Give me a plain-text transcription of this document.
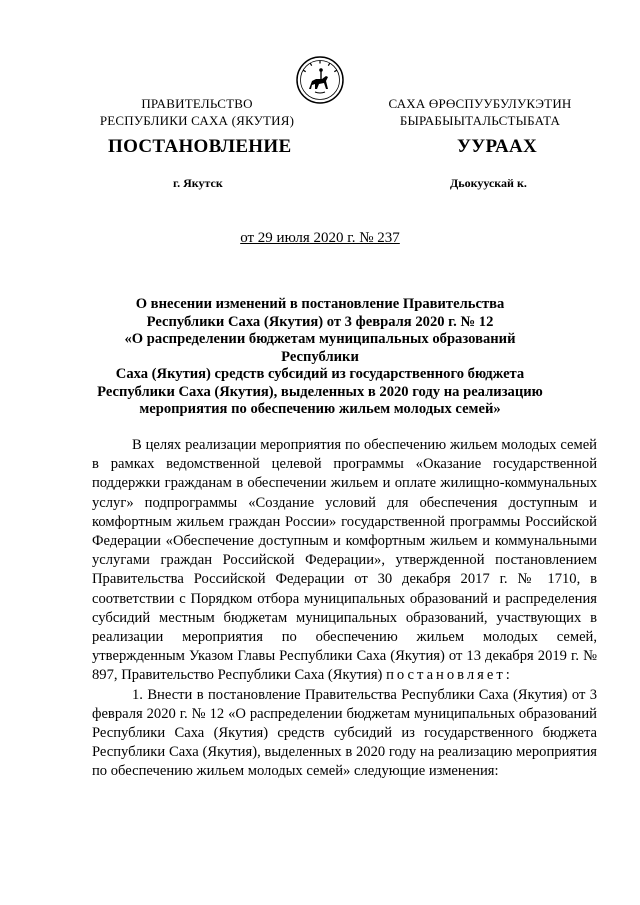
ПРАВИТЕЛЬСТВО
РЕСПУБЛИКИ САХА (ЯКУТИЯ)
САХА ӨРӨСПУУБУЛУКЭТИН
БЫРАБЫЫТАЛЬСТЫБАТА
ПОСТАНОВЛЕНИЕ	УУРААХ
г. Якутск	Дьокуускай к.
от 29 июля 2020 г. № 237
О внесении изменений в постановление Правительства
Республики Саха (Якутия) от 3 февраля 2020 г. № 12
«О распределении бюджетам муниципальных образований Республики
Саха (Якутия) средств субсидий из государственного бюджета
Республики Саха (Якутия), выделенных в 2020 году на реализацию
мероприятия по обеспечению жильем молодых семей»

В целях реализации мероприятия по обеспечению жильем молодых семей в рамках ведомственной целевой программы «Оказание государственной поддержки гражданам в обеспечении жильем и оплате жилищно-коммунальных услуг» подпрограммы «Создание условий для обеспечения доступным и комфортным жильем граждан России» государственной программы Российской Федерации «Обеспечение доступным и комфортным жильем и коммунальными услугами граждан Российской Федерации», утвержденной постановлением Правительства Российской Федерации от 30 декабря 2017 г. № 1710, в соответствии с Порядком отбора муниципальных образований и распределения субсидий местным бюджетам муниципальных образований, участвующих в реализации мероприятия по обеспечению жильем молодых семей, утвержденным Указом Главы Республики Саха (Якутия) от 13 декабря 2019 г. № 897, Правительство Республики Саха (Якутия) постановляет:

1. Внести в постановление Правительства Республики Саха (Якутия) от 3 февраля 2020 г. № 12 «О распределении бюджетам муниципальных образований Республики Саха (Якутия) средств субсидий из государственного бюджета Республики Саха (Якутия), выделенных в 2020 году на реализацию мероприятия по обеспечению жильем молодых семей» следующие изменения:
